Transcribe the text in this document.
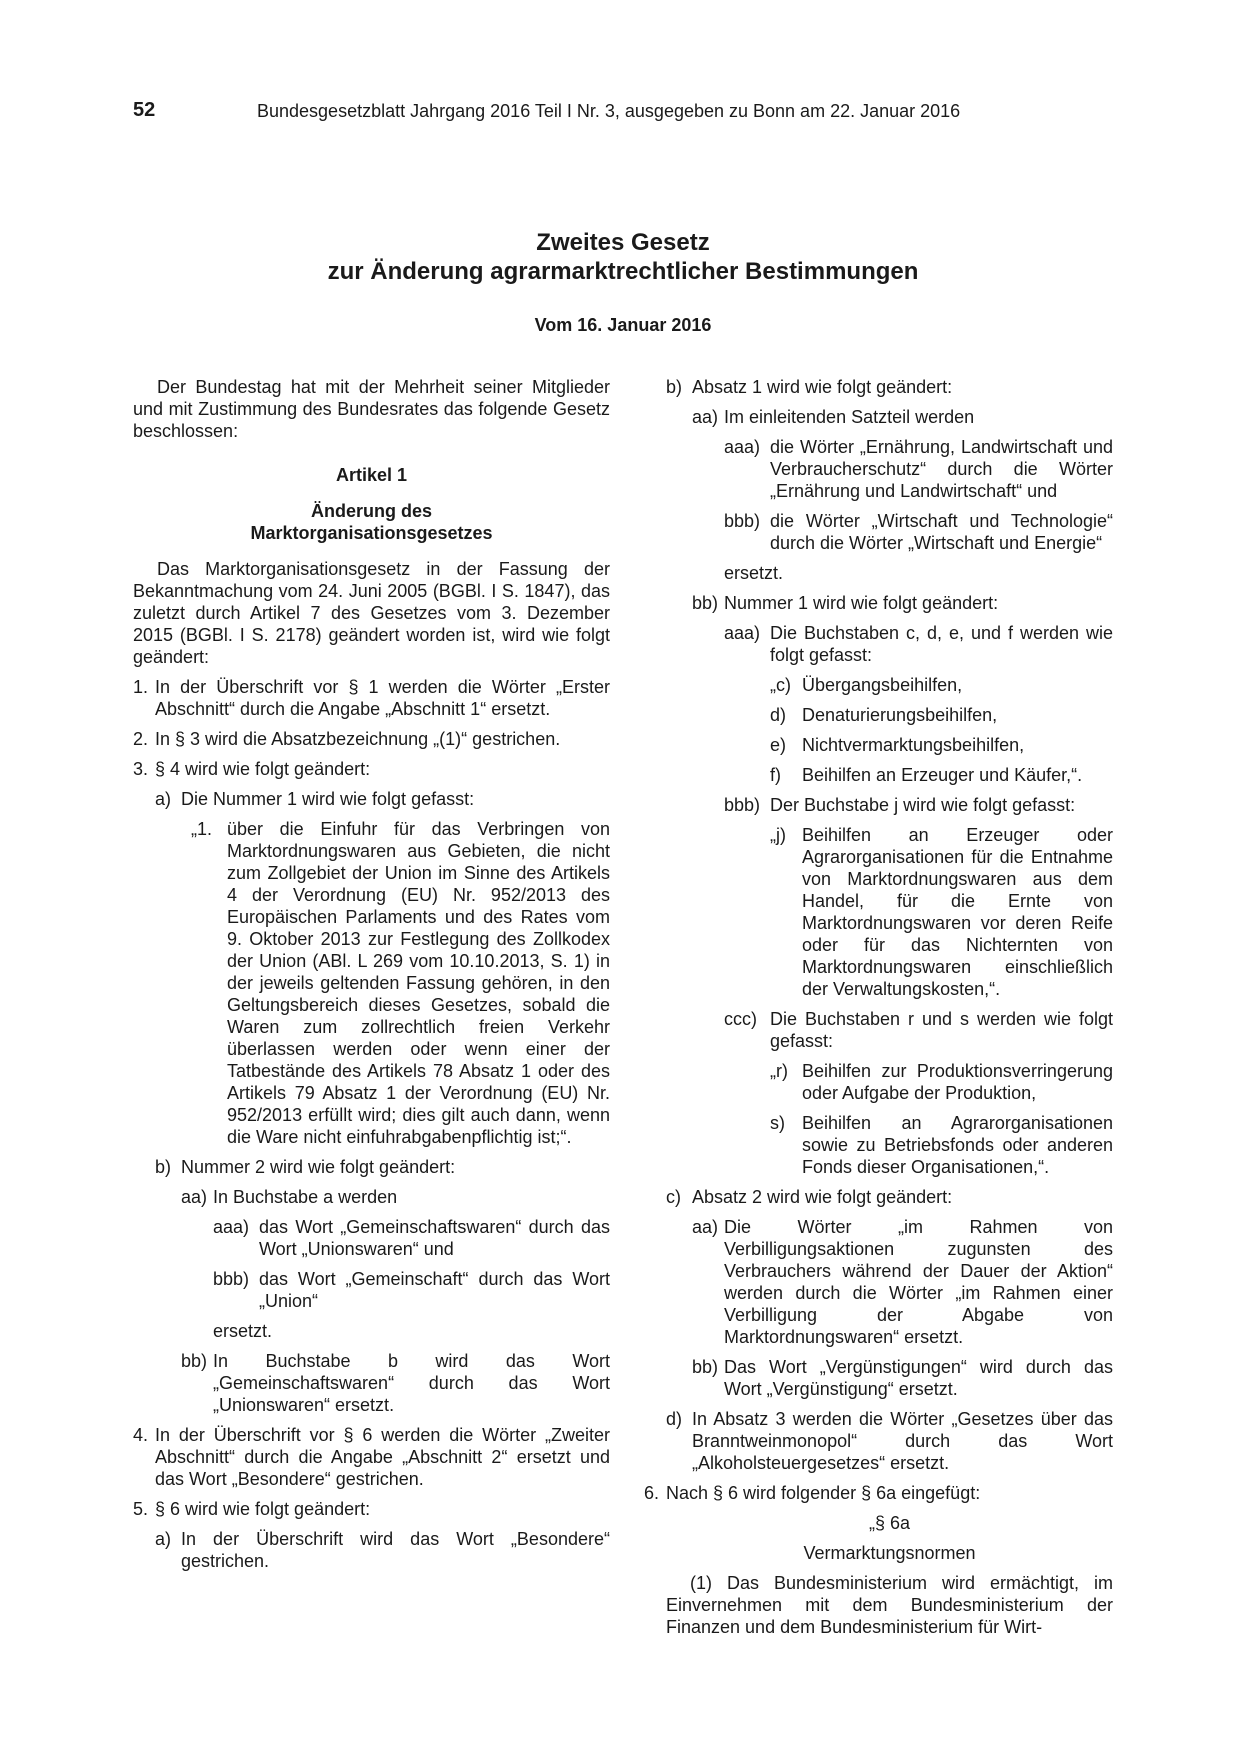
52	Bundesgesetzblatt Jahrgang 2016 Teil I Nr. 3, ausgegeben zu Bonn am 22. Januar 2016
Zweites Gesetz
zur Änderung agrarmarktrechtlicher Bestimmungen
Vom 16. Januar 2016

Der Bundestag hat mit der Mehrheit seiner Mitglieder und mit Zustimmung des Bundesrates das folgende Gesetz beschlossen:

Artikel 1
Änderung des
Marktorganisationsgesetzes

Das Marktorganisationsgesetz in der Fassung der Bekanntmachung vom 24. Juni 2005 (BGBl. I S. 1847), das zuletzt durch Artikel 7 des Gesetzes vom 3. Dezember 2015 (BGBl. I S. 2178) geändert worden ist, wird wie folgt geändert:

1. In der Überschrift vor § 1 werden die Wörter „Erster Abschnitt“ durch die Angabe „Abschnitt 1“ ersetzt.
2. In § 3 wird die Absatzbezeichnung „(1)“ gestrichen.
3. § 4 wird wie folgt geändert:
a) Die Nummer 1 wird wie folgt gefasst:
„1. über die Einfuhr für das Verbringen von Marktordnungswaren aus Gebieten, die nicht zum Zollgebiet der Union im Sinne des Artikels 4 der Verordnung (EU) Nr. 952/2013 des Europäischen Parlaments und des Rates vom 9. Oktober 2013 zur Festlegung des Zollkodex der Union (ABl. L 269 vom 10.10.2013, S. 1) in der jeweils geltenden Fassung gehören, in den Geltungsbereich dieses Gesetzes, sobald die Waren zum zollrechtlich freien Verkehr überlassen werden oder wenn einer der Tatbestände des Artikels 78 Absatz 1 oder des Artikels 79 Absatz 1 der Verordnung (EU) Nr. 952/2013 erfüllt wird; dies gilt auch dann, wenn die Ware nicht einfuhrabgabenpflichtig ist;“.
b) Nummer 2 wird wie folgt geändert:
aa) In Buchstabe a werden
aaa) das Wort „Gemeinschaftswaren“ durch das Wort „Unionswaren“ und
bbb) das Wort „Gemeinschaft“ durch das Wort „Union“

ersetzt.

bb) In Buchstabe b wird das Wort „Gemeinschaftswaren“ durch das Wort „Unionswaren“ ersetzt.
4. In der Überschrift vor § 6 werden die Wörter „Zweiter Abschnitt“ durch die Angabe „Abschnitt 2“ ersetzt und das Wort „Besondere“ gestrichen.
5. § 6 wird wie folgt geändert:
a) In der Überschrift wird das Wort „Besondere“ gestrichen.
b) Absatz 1 wird wie folgt geändert:
aa) Im einleitenden Satzteil werden
aaa) die Wörter „Ernährung, Landwirtschaft und Verbraucherschutz“ durch die Wörter „Ernährung und Landwirtschaft“ und
bbb) die Wörter „Wirtschaft und Technologie“ durch die Wörter „Wirtschaft und Energie“

ersetzt.

bb) Nummer 1 wird wie folgt geändert:
aaa) Die Buchstaben c, d, e, und f werden wie folgt gefasst:
„c) Übergangsbeihilfen,
d) Denaturierungsbeihilfen,
e) Nichtvermarktungsbeihilfen,
f)	Beihilfen an Erzeuger und Käufer,“.
bbb) Der Buchstabe j wird wie folgt gefasst:
„j) Beihilfen an Erzeuger oder Agrarorganisationen für die Entnahme von Marktordnungswaren aus dem Handel, für die Ernte von Marktordnungswaren vor deren Reife oder für das Nichternten von Marktordnungswaren einschließlich der Verwaltungskosten,“.
ccc) Die Buchstaben r und s werden wie folgt gefasst:
„r) Beihilfen zur Produktionsverringerung oder Aufgabe der Produktion,
s) Beihilfen an Agrarorganisationen sowie zu Betriebsfonds oder anderen Fonds dieser Organisationen,“.
c) Absatz 2 wird wie folgt geändert:
aa) Die Wörter „im Rahmen von Verbilligungsaktionen zugunsten des Verbrauchers während der Dauer der Aktion“ werden durch die Wörter „im Rahmen einer Verbilligung der Abgabe von Marktordnungswaren“ ersetzt.
bb) Das Wort „Vergünstigungen“ wird durch das Wort „Vergünstigung“ ersetzt.
d) In Absatz 3 werden die Wörter „Gesetzes über das Branntweinmonopol“ durch das Wort „Alkoholsteuergesetzes“ ersetzt.
6. Nach § 6 wird folgender § 6a eingefügt:

„§ 6a

Vermarktungsnormen

(1) Das Bundesministerium wird ermächtigt, im Einvernehmen mit dem Bundesministerium der Finanzen und dem Bundesministerium für Wirt-
